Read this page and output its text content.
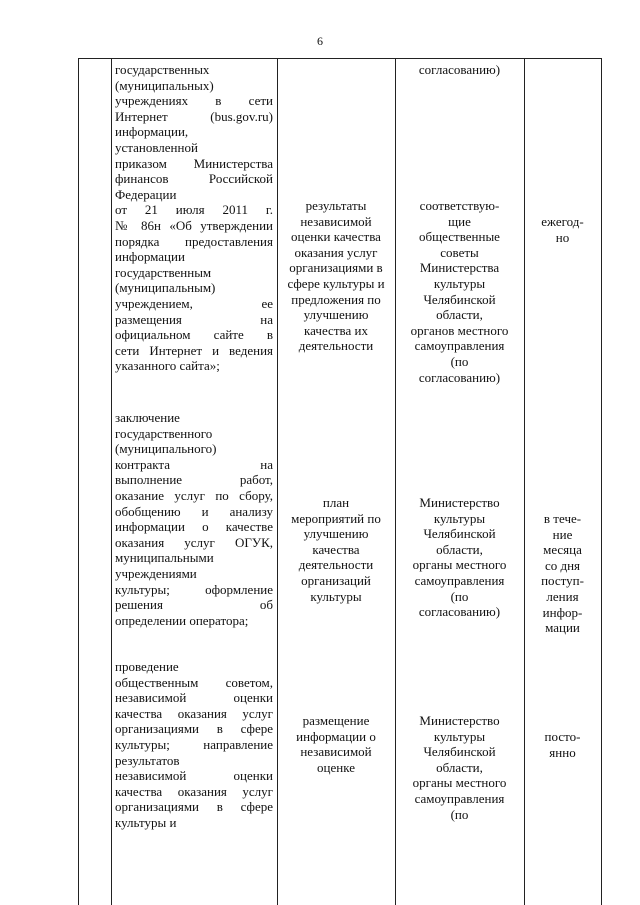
6
государственных
(муниципальных)
учреждениях в сети
Интернет (bus.gov.ru)
информации,
установленной
приказом Министерства
финансов Российской
Федерации
от 21 июля 2011 г.
№ 86н «Об утверждении
порядка предоставления
информации
государственным
(муниципальным)
учреждением, ее
размещения на
официальном сайте в
сети Интернет и ведения
указанного сайта»;
заключение
государственного
(муниципального)
контракта на
выполнение работ,
оказание услуг по сбору,
обобщению и анализу
информации о качестве
оказания услуг ОГУК,
муниципальными
учреждениями
культуры; оформление
решения об
определении оператора;
проведение
общественным советом,
независимой оценки
качества оказания услуг
организациями в сфере
культуры; направление
результатов
независимой оценки
качества оказания услуг
организациями в сфере
культуры и
результаты
независимой
оценки качества
оказания услуг
организациями в
сфере культуры и
предложения по
улучшению
качества их
деятельности
план
мероприятий по
улучшению
качества
деятельности
организаций
культуры
размещение
информации о
независимой
оценке
согласованию)
соответствую-
щие
общественные
советы
Министерства
культуры
Челябинской
области,
органов местного
самоуправления
(по
согласованию)
Министерство
культуры
Челябинской
области,
органы местного
самоуправления
(по
согласованию)
Министерство
культуры
Челябинской
области,
органы местного
самоуправления
(по
ежегод-
но
в тече-
ние
месяца
со дня
поступ-
ления
инфор-
мации
посто-
янно
